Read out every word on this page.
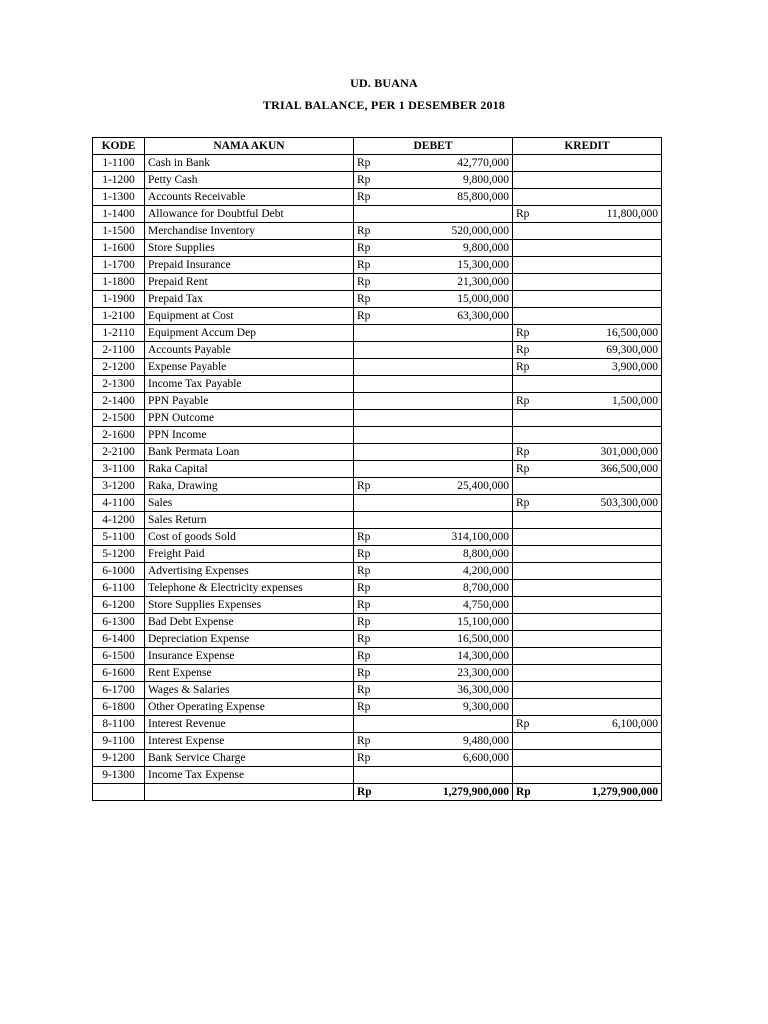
UD. BUANA
TRIAL BALANCE, PER 1 DESEMBER 2018
KODE	NAMA AKUN	DEBET		KREDIT	
1-1100	Cash in Bank	Rp	42,770,000		
1-1200	Petty Cash	Rp	9,800,000		
1-1300	Accounts Receivable	Rp	85,800,000		
1-1400	Allowance for Doubtful Debt			Rp	11,800,000
1-1500	Merchandise Inventory	Rp	520,000,000		
1-1600	Store Supplies	Rp	9,800,000		
1-1700	Prepaid Insurance	Rp	15,300,000		
1-1800	Prepaid Rent	Rp	21,300,000		
1-1900	Prepaid Tax	Rp	15,000,000		
1-2100	Equipment at Cost	Rp	63,300,000		
1-2110	Equipment Accum Dep			Rp	16,500,000
2-1100	Accounts Payable			Rp	69,300,000
2-1200	Expense Payable			Rp	3,900,000
2-1300	Income Tax Payable				
2-1400	PPN Payable			Rp	1,500,000
2-1500	PPN Outcome				
2-1600	PPN Income				
2-2100	Bank Permata Loan			Rp	301,000,000
3-1100	Raka Capital			Rp	366,500,000
3-1200	Raka, Drawing	Rp	25,400,000		
4-1100	Sales			Rp	503,300,000
4-1200	Sales Return				
5-1100	Cost of goods Sold	Rp	314,100,000		
5-1200	Freight Paid	Rp	8,800,000		
6-1000	Advertising Expenses	Rp	4,200,000		
6-1100	Telephone & Electricity expenses	Rp	8,700,000		
6-1200	Store Supplies Expenses	Rp	4,750,000		
6-1300	Bad Debt Expense	Rp	15,100,000		
6-1400	Depreciation Expense	Rp	16,500,000		
6-1500	Insurance Expense	Rp	14,300,000		
6-1600	Rent Expense	Rp	23,300,000		
6-1700	Wages & Salaries	Rp	36,300,000		
6-1800	Other Operating Expense	Rp	9,300,000		
8-1100	Interest Revenue			Rp	6,100,000
9-1100	Interest Expense	Rp	9,480,000		
9-1200	Bank Service Charge	Rp	6,600,000		
9-1300	Income Tax Expense				
		Rp	1,279,900,000	Rp	1,279,900,000
